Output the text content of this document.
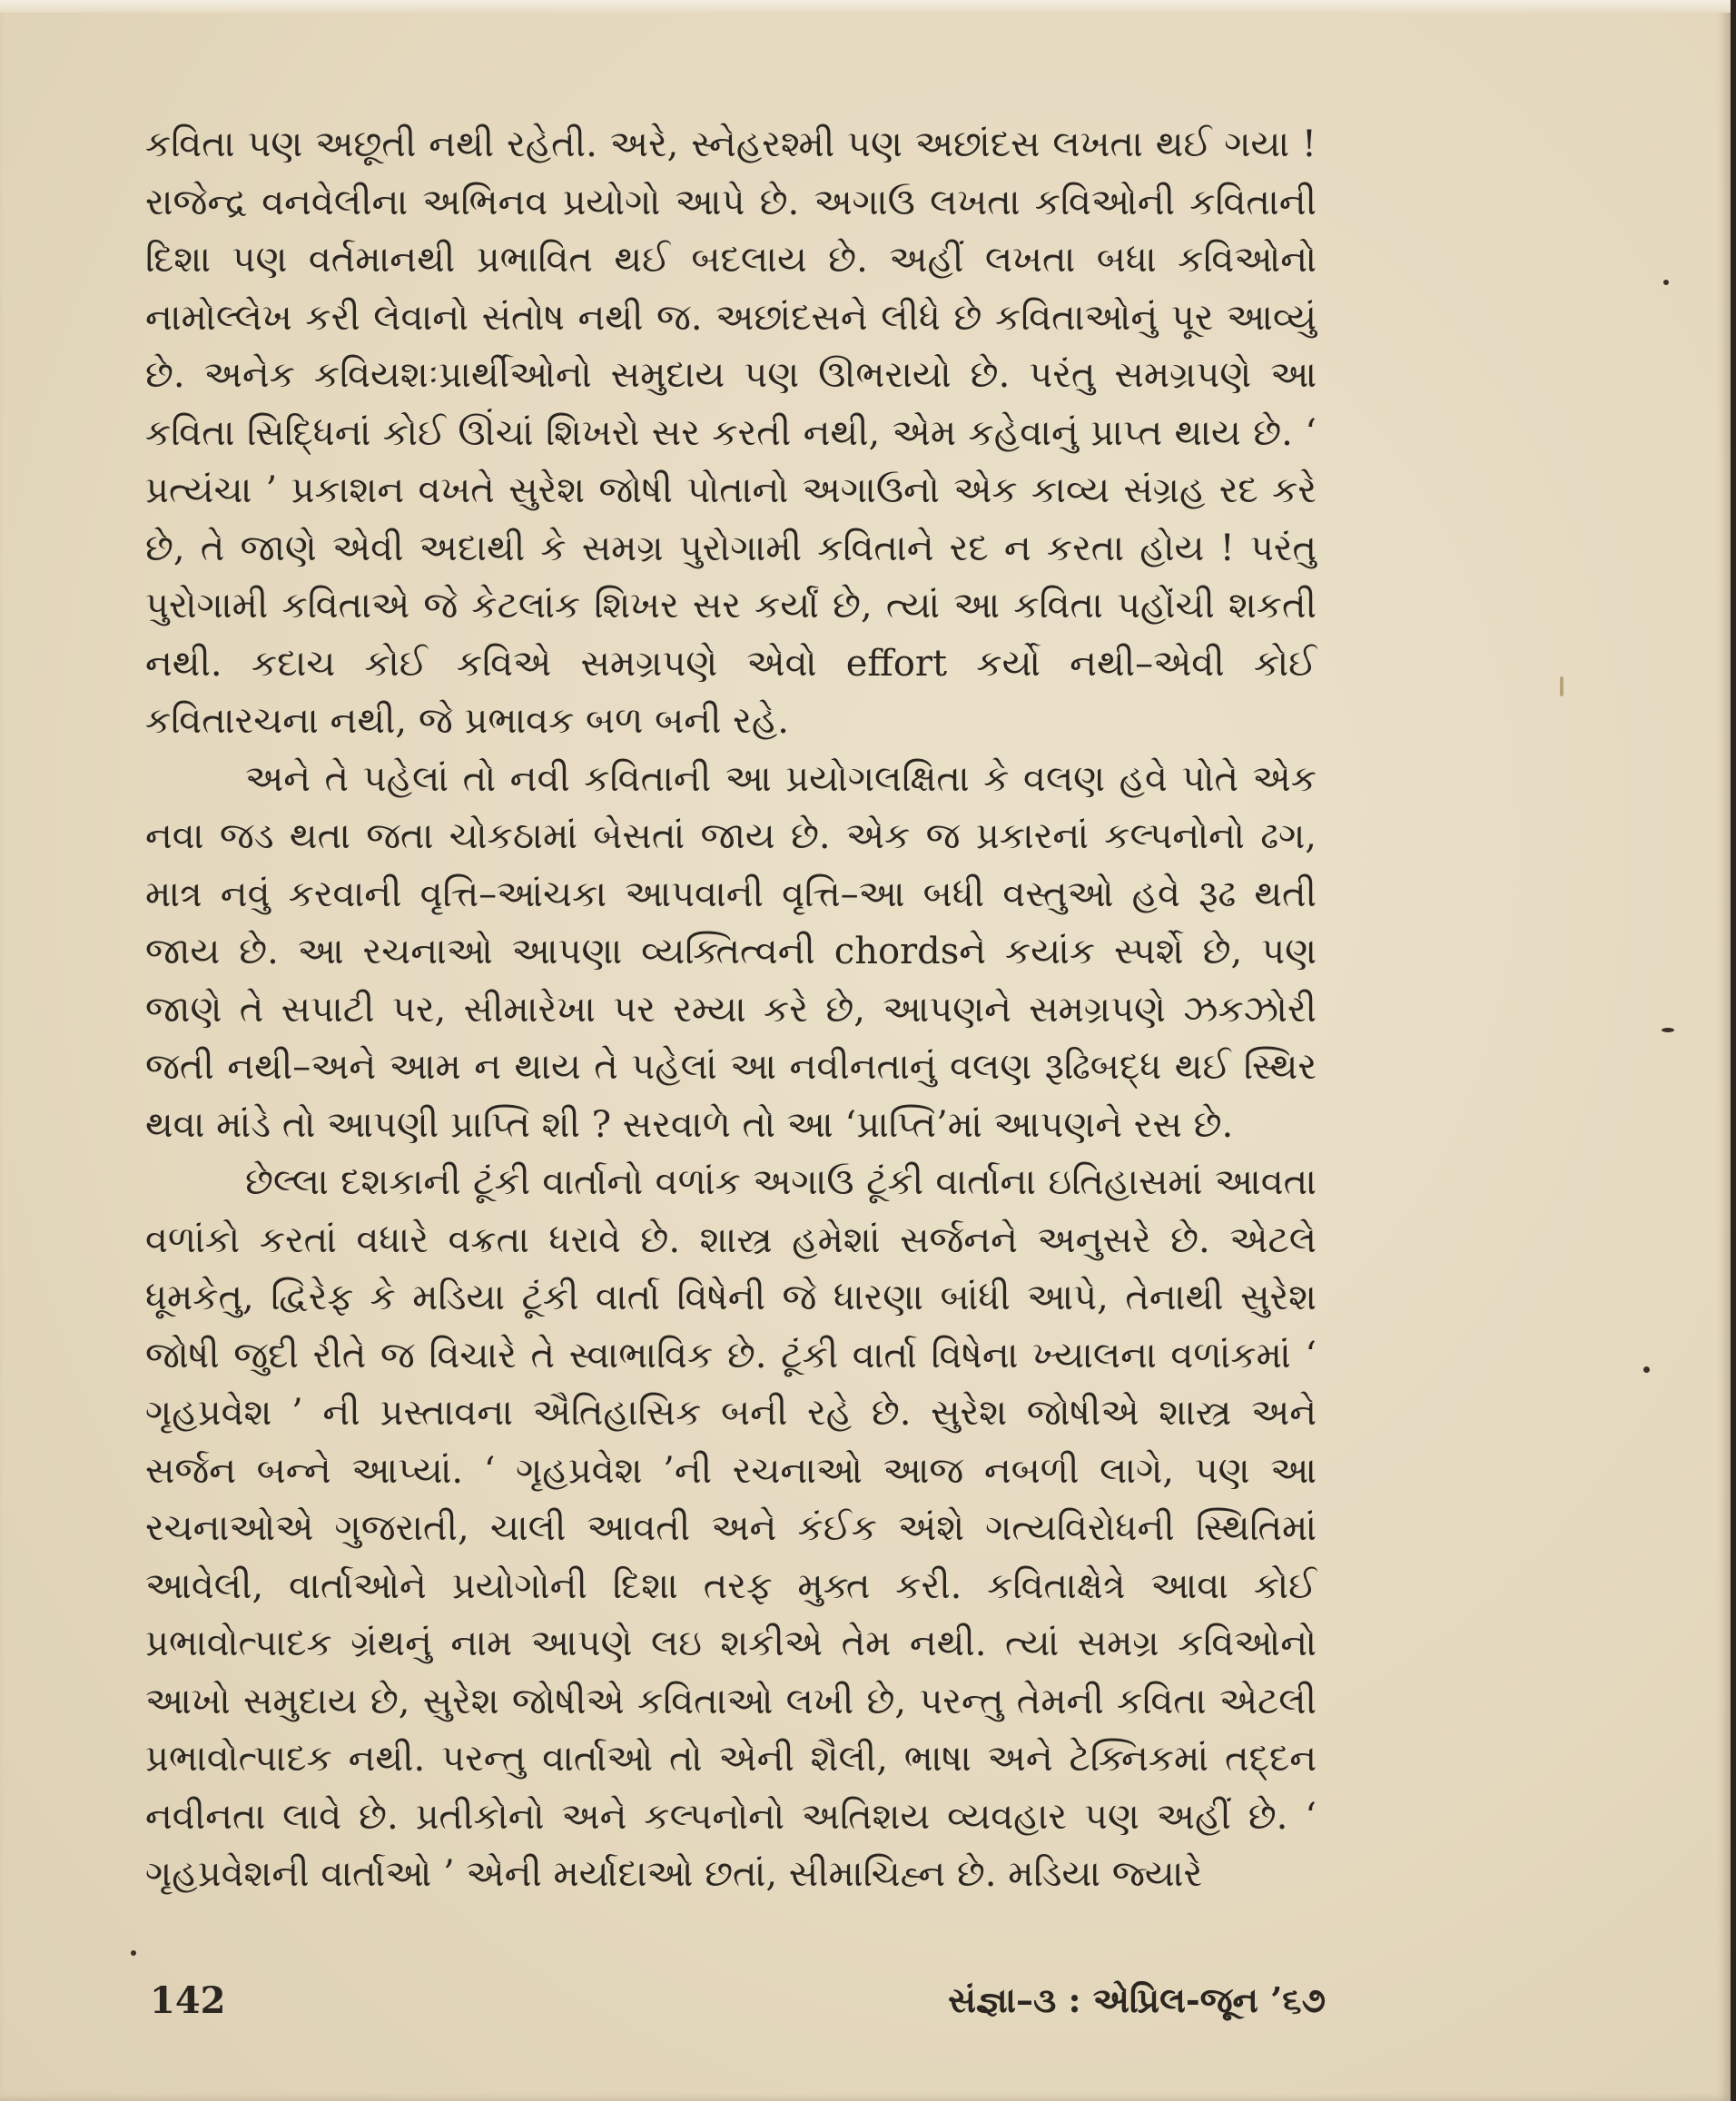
કવિતા પણ અછૂતી નથી રહેતી. અરે, સ્નેહરશ્મી પણ અછાંદસ લખતા થઈ ગયા ! રાજેન્દ્ર વનવેલીના અભિનવ પ્રયોગો આપે છે. અગાઉ લખતા કવિઓની કવિતાની દિશા પણ વર્તમાનથી પ્રભાવિત થઈ બદલાય છે. અહીં લખતા બધા કવિઓનો નામોલ્લેખ કરી લેવાનો સંતોષ નથી જ. અછાંદસને લીધે છે કવિતાઓનું પૂર આવ્યું છે. અનેક કવિયશઃપ્રાર્થીઓનો સમુદાય પણ ઊભરાયો છે. પરંતુ સમગ્રપણે આ કવિતા સિદ્ધિનાં કોઈ ઊંચાં શિખરો સર કરતી નથી, એમ કહેવાનું પ્રાપ્ત થાય છે. ‘ પ્રત્યંચા ’ પ્રકાશન વખતે સુરેશ જોષી પોતાનો અગાઉનો એક કાવ્ય સંગ્રહ રદ કરે છે, તે જાણે એવી અદાથી કે સમગ્ર પુરોગામી કવિતાને રદ ન કરતા હોય ! પરંતુ પુરોગામી કવિતાએ જે કેટલાંક શિખર સર કર્યાં છે, ત્યાં આ કવિતા પહોંચી શકતી નથી. કદાચ કોઈ કવિએ સમગ્રપણે એવો effort કર્યો નથી–એવી કોઈ કવિતારચના નથી, જે પ્રભાવક બળ બની રહે.

અને તે પહેલાં તો નવી કવિતાની આ પ્રયોગલક્ષિતા કે વલણ હવે પોતે એક નવા જડ થતા જતા ચોકઠામાં બેસતાં જાય છે. એક જ પ્રકારનાં કલ્પનોનો ઢગ, માત્ર નવું કરવાની વૃત્તિ–આંચકા આપવાની વૃત્તિ–આ બધી વસ્તુઓ હવે રૂઢ થતી જાય છે. આ રચનાઓ આપણા વ્યક્તિત્વની chordsને કયાંક સ્પર્શે છે, પણ જાણે તે સપાટી પર, સીમારેખા પર રમ્યા કરે છે, આપણને સમગ્રપણે ઝકઝોરી જતી નથી–અને આમ ન થાય તે પહેલાં આ નવીનતાનું વલણ રૂઢિબદ્ધ થઈ સ્થિર થવા માંડે તો આપણી પ્રાપ્તિ શી ? સરવાળે તો આ ‘પ્રાપ્તિ’માં આપણને રસ છે.

છેલ્લા દશકાની ટૂંકી વાર્તાનો વળાંક અગાઉ ટૂંકી વાર્તાના ઇતિહાસમાં આવતા વળાંકો કરતાં વધારે વક્રતા ધરાવે છે. શાસ્ત્ર હમેશાં સર્જનને અનુસરે છે. એટલે ધૂમકેતુ, દ્વિરેફ કે મડિયા ટૂંકી વાર્તા વિષેની જે ધારણા બાંધી આપે, તેનાથી સુરેશ જોષી જુદી રીતે જ વિચારે તે સ્વાભાવિક છે. ટૂંકી વાર્તા વિષેના ખ્યાલના વળાંકમાં ‘ ગૃહપ્રવેશ ’ ની પ્રસ્તાવના ઐતિહાસિક બની રહે છે. સુરેશ જોષીએ શાસ્ત્ર અને સર્જન બન્ને આપ્યાં. ‘ ગૃહપ્રવેશ ’ની રચનાઓ આજ નબળી લાગે, પણ આ રચનાઓએ ગુજરાતી, ચાલી આવતી અને કંઈક અંશે ગત્યવિરોધની સ્થિતિમાં આવેલી, વાર્તાઓને પ્રયોગોની દિશા તરફ મુક્ત કરી. કવિતાક્ષેત્રે આવા કોઈ પ્રભાવોત્પાદક ગ્રંથનું નામ આપણે લઇ શકીએ તેમ નથી. ત્યાં સમગ્ર કવિઓનો આખો સમુદાય છે, સુરેશ જોષીએ કવિતાઓ લખી છે, પરન્તુ તેમની કવિતા એટલી પ્રભાવોત્પાદક નથી. પરન્તુ વાર્તાઓ તો એની શૈલી, ભાષા અને ટેક્નિકમાં તદ્દન નવીનતા લાવે છે. પ્રતીકોનો અને કલ્પનોનો અતિશય વ્યવહાર પણ અહીં છે. ‘ ગૃહપ્રવેશની વાર્તાઓ ’ એની મર્યાદાઓ છતાં, સીમાચિહ્ન છે. મડિયા જ્યારે

142	સંજ્ઞા–૩ : એપ્રિલ-જૂન ’૬૭
